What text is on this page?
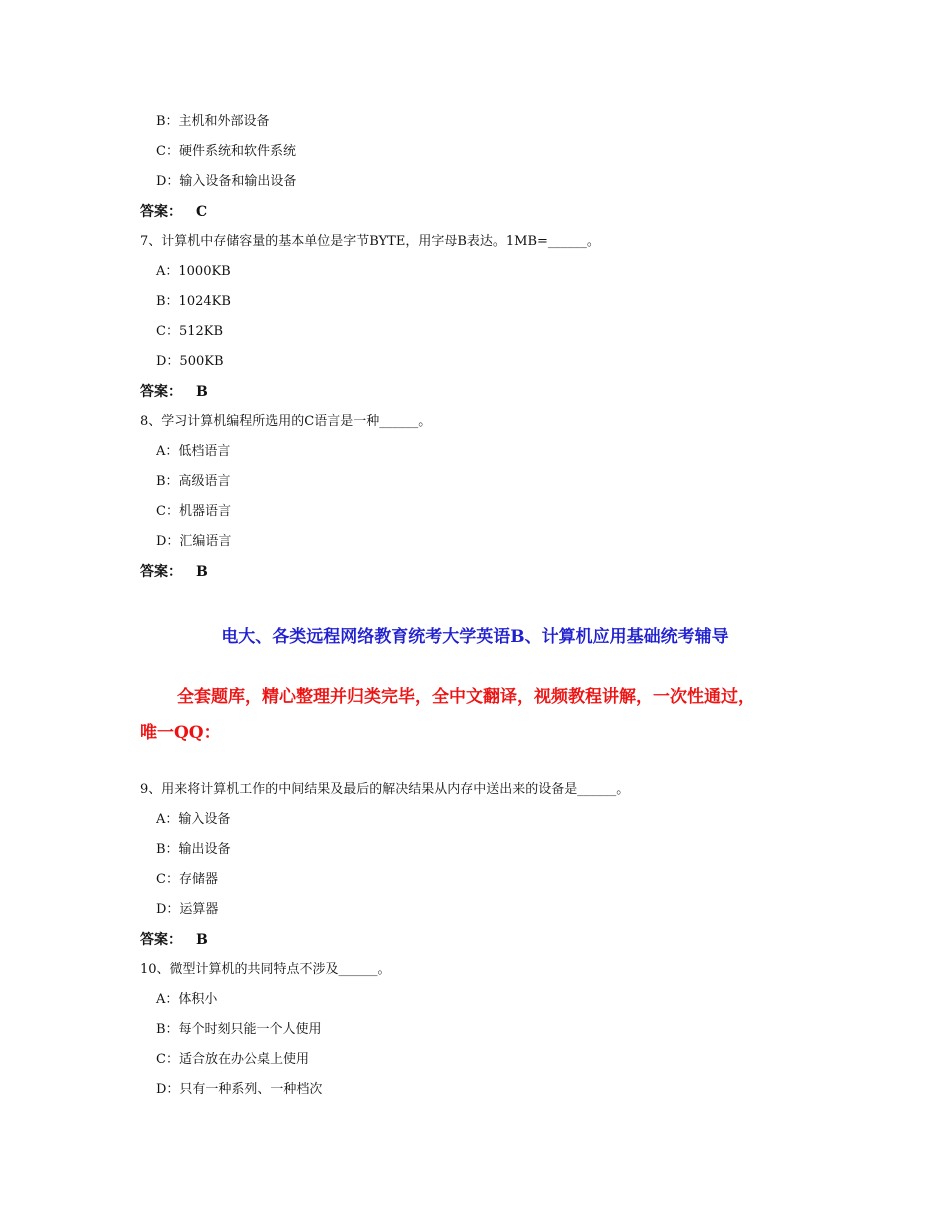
B：主机和外部设备
C：硬件系统和软件系统
D：输入设备和输出设备
答案： C
7、计算机中存储容量的基本单位是字节BYTE，用字母B表达。1MB=______。
A：1000KB
B：1024KB
C：512KB
D：500KB
答案： B
8、学习计算机编程所选用的C语言是一种______。
A：低档语言
B：高级语言
C：机器语言
D：汇编语言
答案： B
9、用来将计算机工作的中间结果及最后的解决结果从内存中送出来的设备是______。
A：输入设备
B：输出设备
C：存储器
D：运算器
答案： B
10、微型计算机的共同特点不涉及______。
A：体积小
B：每个时刻只能一个人使用
C：适合放在办公桌上使用
D：只有一种系列、一种档次
电大、各类远程网络教育统考大学英语B、计算机应用基础统考辅导
全套题库，精心整理并归类完毕，全中文翻译，视频教程讲解，一次性通过，
唯一QQ：
